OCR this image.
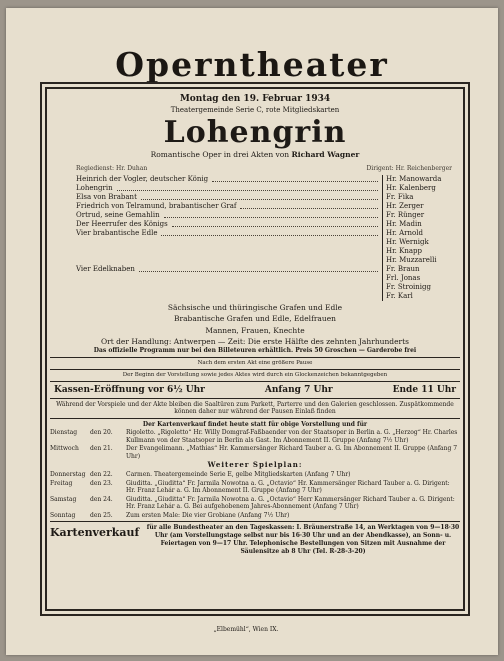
Operntheater
Montag den 19. Februar 1934
Theatergemeinde Serie C, rote Mitgliedskarten
Lohengrin
Romantische Oper in drei Akten von Richard Wagner
Regiedienst: Hr. Duhan	Dirigent: Hr. Reichenberger
Heinrich der Vogler, deutscher König	Hr. Manowarda
Lohengrin	Hr. Kalenberg
Elsa von Brabant	Fr. Fika
Friedrich von Telramund, brabantischer Graf	Hr. Zerger
Ortrud, seine Gemahlin	Fr. Rünger
Der Heerrufer des Königs	Hr. Madin
Vier brabantische Edle	Hr. Arnold
Hr. Wernigk
Hr. Knapp
Hr. Muzzarelli
Vier Edelknaben	Fr. Braun
Frl. Jonas
Fr. Stroinigg
Fr. Karl
Sächsische und thüringische Grafen und Edle
Brabantische Grafen und Edle, Edelfrauen
Mannen, Frauen, Knechte
Ort der Handlung: Antwerpen — Zeit: Die erste Hälfte des zehnten Jahrhunderts
Das offizielle Programm nur bei den Billeteuren erhältlich. Preis 50 Groschen — Garderobe frei
Nach dem ersten Akt eine größere Pause
Der Beginn der Vorstellung sowie jedes Aktes wird durch ein Glockenzeichen bekanntgegeben
Kassen-Eröffnung vor 6½ Uhr	Anfang 7 Uhr	Ende 11 Uhr
Während der Vorspiele und der Akte bleiben die Saaltüren zum Parkett, Parterre und den Galerien geschlossen. Zuspätkommende können daher nur während der Pausen Einlaß finden
Der Kartenverkauf findet heute statt für obige Vorstellung und für
Dienstag	den 20.	Rigoletto. „Rigoletto“ Hr. Willy Domgraf-Faßbaender von der Staatsoper in Berlin a. G. „Herzog“ Hr. Charles Kullmann von der Staatsoper in Berlin als Gast. Im Abonnement II. Gruppe (Anfang 7½ Uhr)
Mittwoch	den 21.	Der Evangelimann. „Mathias“ Hr. Kammersänger Richard Tauber a. G. Im Abonnement II. Gruppe (Anfang 7 Uhr)
Weiterer Spielplan:
Donnerstag den 22.	Carmen. Theatergemeinde Serie E, gelbe Mitgliedskarten (Anfang 7 Uhr)
Freitag	den 23.	Giuditta. „Giuditta“ Fr. Jarmila Nowotna a. G. „Octavio“ Hr. Kammersänger Richard Tauber a. G. Dirigent: Hr. Franz Lehár a. G. Im Abonnement II. Gruppe (Anfang 7 Uhr)
Samstag	den 24.	Giuditta. „Giuditta“ Fr. Jarmila Nowotna a. G. „Octavio“ Herr Kammersänger Richard Tauber a. G. Dirigent: Hr. Franz Lehár a. G. Bei aufgehobenem Jahres-Abonnement (Anfang 7 Uhr)
Sonntag	den 25.	Zum ersten Male: Die vier Grobiane (Anfang 7½ Uhr)
Kartenverkauf	für alle Bundestheater an den Tageskassen: I. Bräunerstraße 14, an Werktagen von 9—18·30 Uhr (am Vorstellungstage selbst nur bis 16·30 Uhr und an der Abendkasse), an Sonn- u. Feiertagen von 9—17 Uhr. Telephonische Bestellungen von Sitzen mit Ausnahme der Säulensitze ab 8 Uhr (Tel. R-28-3-20)
„Elbemühl“, Wien IX.
